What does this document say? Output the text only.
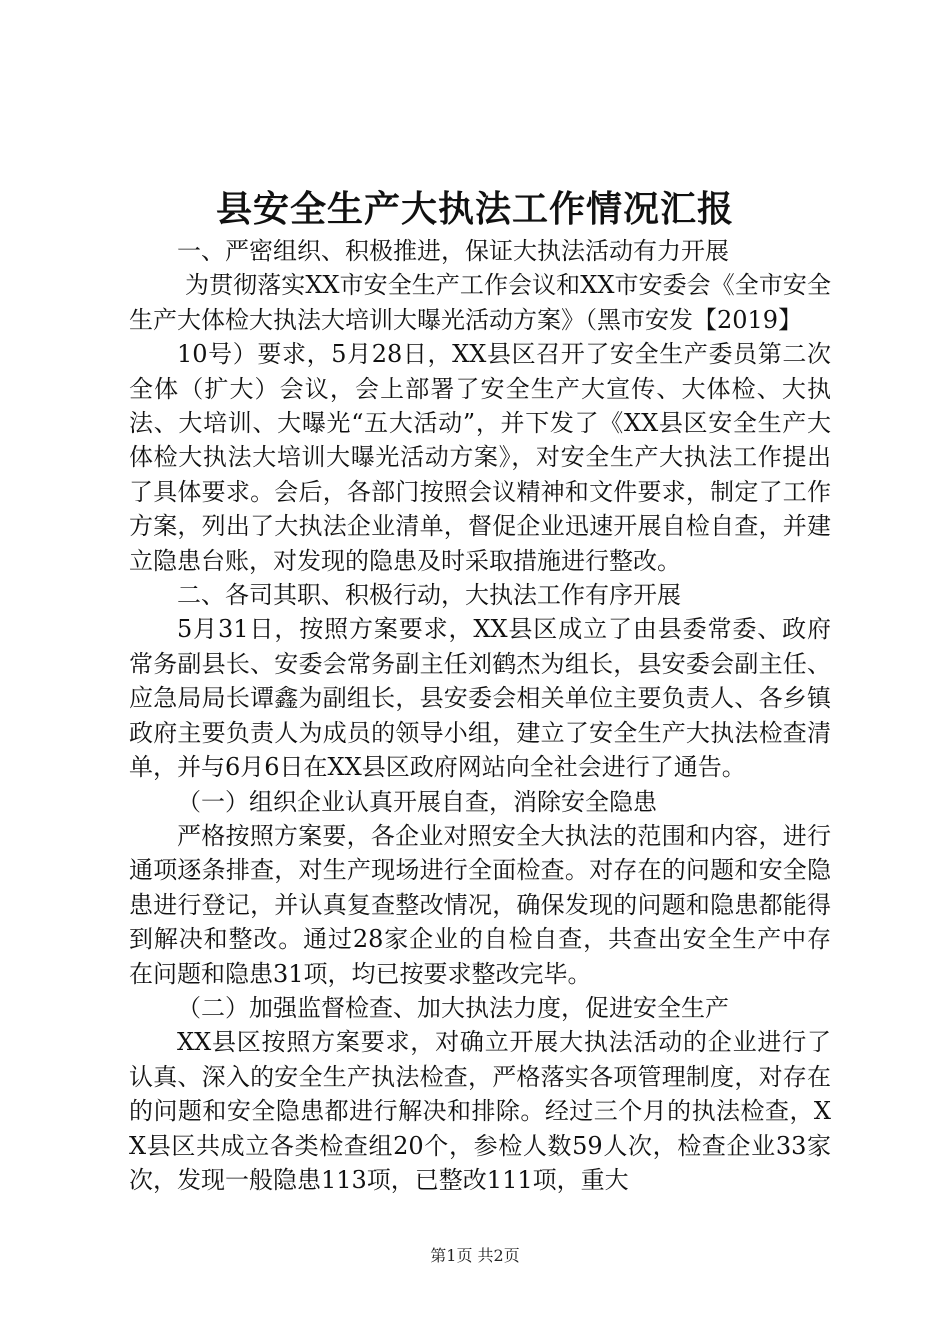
县安全生产大执法工作情况汇报

一、严密组织、积极推进，保证大执法活动有力开展

为贯彻落实XX市安全生产工作会议和XX市安委会《全市安全生产大体检大执法大培训大曝光活动方案》（黑市安发【2019】

10号）要求，5月28日，XX县区召开了安全生产委员第二次全体（扩大）会议，会上部署了安全生产大宣传、大体检、大执法、大培训、大曝光“五大活动”，并下发了《XX县区安全生产大体检大执法大培训大曝光活动方案》，对安全生产大执法工作提出了具体要求。会后，各部门按照会议精神和文件要求，制定了工作方案，列出了大执法企业清单，督促企业迅速开展自检自查，并建立隐患台账，对发现的隐患及时采取措施进行整改。

二、各司其职、积极行动，大执法工作有序开展

5月31日，按照方案要求，XX县区成立了由县委常委、政府常务副县长、安委会常务副主任刘鹤杰为组长，县安委会副主任、应急局局长谭鑫为副组长，县安委会相关单位主要负责人、各乡镇政府主要负责人为成员的领导小组，建立了安全生产大执法检查清单，并与6月6日在XX县区政府网站向全社会进行了通告。

（一）组织企业认真开展自查，消除安全隐患

严格按照方案要，各企业对照安全大执法的范围和内容，进行通项逐条排查，对生产现场进行全面检查。对存在的问题和安全隐患进行登记，并认真复查整改情况，确保发现的问题和隐患都能得到解决和整改。通过28家企业的自检自查，共查出安全生产中存在问题和隐患31项，均已按要求整改完毕。

（二）加强监督检查、加大执法力度，促进安全生产

XX县区按照方案要求，对确立开展大执法活动的企业进行了认真、深入的安全生产执法检查，严格落实各项管理制度，对存在的问题和安全隐患都进行解决和排除。经过三个月的执法检查，XX县区共成立各类检查组20个，参检人数59人次，检查企业33家次，发现一般隐患113项，已整改111项，重大

第1页 共2页
